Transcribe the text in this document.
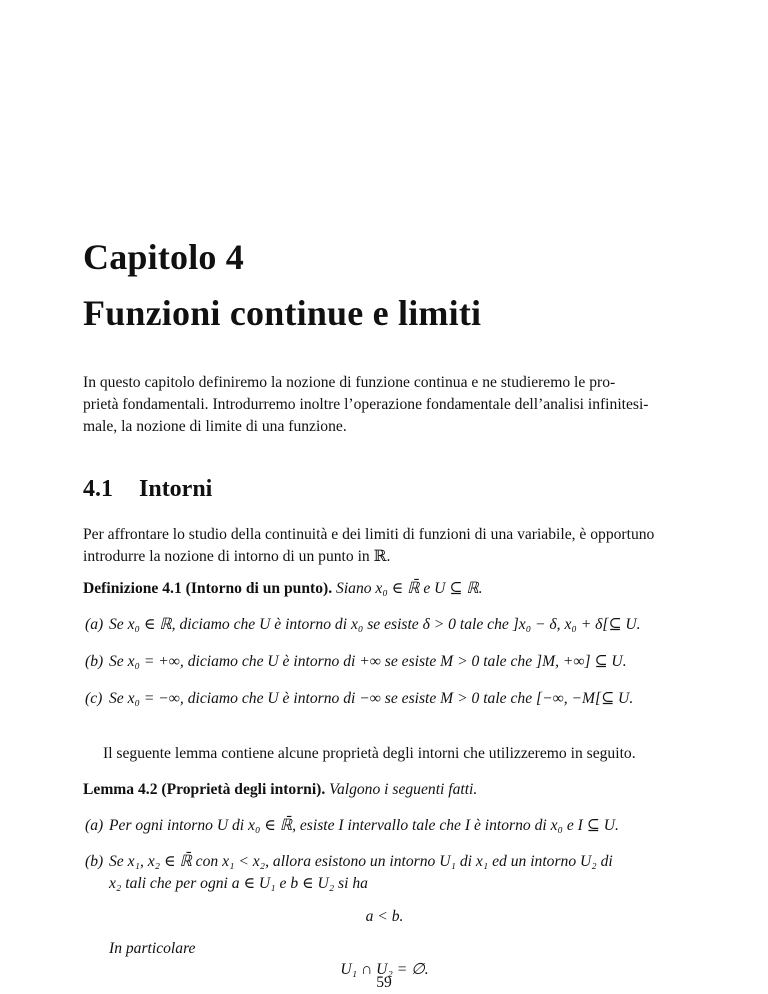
Capitolo 4
Funzioni continue e limiti
In questo capitolo definiremo la nozione di funzione continua e ne studieremo le pro-
prietà fondamentali. Introdurremo inoltre l’operazione fondamentale dell’analisi infinitesi-
male, la nozione di limite di una funzione.
4.1 Intorni
Per affrontare lo studio della continuità e dei limiti di funzioni di una variabile, è opportuno
introdurre la nozione di intorno di un punto in ℝ.
Definizione 4.1 (Intorno di un punto). Siano x₀ ∈ ℝ̄ e U ⊆ ℝ.
(a) Se x₀ ∈ ℝ, diciamo che U è intorno di x₀ se esiste δ > 0 tale che ]x₀ − δ, x₀ + δ[⊆ U.
(b) Se x₀ = +∞, diciamo che U è intorno di +∞ se esiste M > 0 tale che ]M, +∞] ⊆ U.
(c) Se x₀ = −∞, diciamo che U è intorno di −∞ se esiste M > 0 tale che [−∞, −M[⊆ U.
Il seguente lemma contiene alcune proprietà degli intorni che utilizzeremo in seguito.
Lemma 4.2 (Proprietà degli intorni). Valgono i seguenti fatti.
(a) Per ogni intorno U di x₀ ∈ ℝ̄, esiste I intervallo tale che I è intorno di x₀ e I ⊆ U.
(b) Se x₁, x₂ ∈ ℝ̄ con x₁ < x₂, allora esistono un intorno U₁ di x₁ ed un intorno U₂ di
x₂ tali che per ogni a ∈ U₁ e b ∈ U₂ si ha
a < b.
In particolare
U₁ ∩ U₂ = ∅.
59
